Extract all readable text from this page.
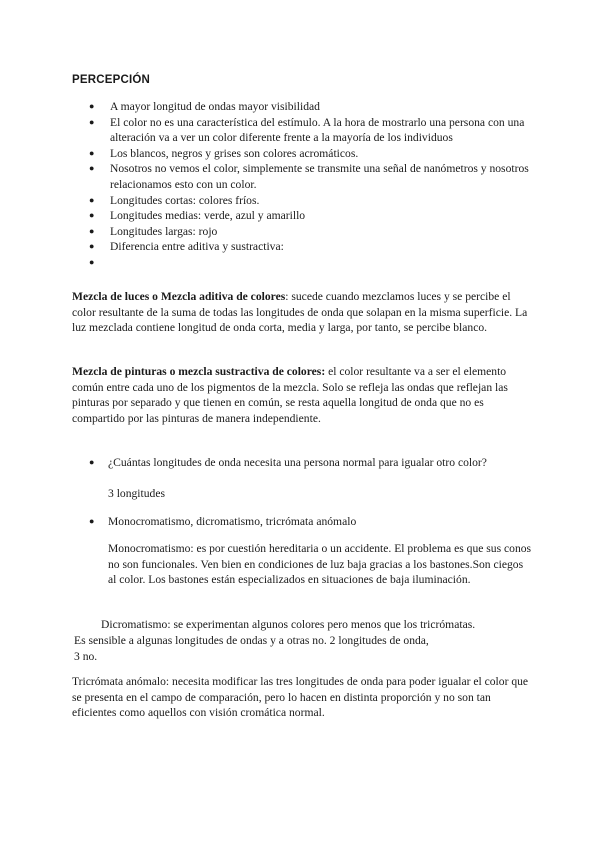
PERCEPCIÓN
● A mayor longitud de ondas mayor visibilidad
● El color no es una característica del estímulo. A la hora de mostrarlo una persona con una alteración va a ver un color diferente frente a la mayoría de los individuos
● Los blancos, negros y grises son colores acromáticos.
● Nosotros no vemos el color, simplemente se transmite una señal de nanómetros y nosotros relacionamos esto con un color.
● Longitudes cortas: colores fríos.
● Longitudes medias: verde, azul y amarillo
● Longitudes largas: rojo
● Diferencia entre aditiva y sustractiva:
●
Mezcla de luces o Mezcla aditiva de colores: sucede cuando mezclamos luces y se percibe el color resultante de la suma de todas las longitudes de onda que solapan en la misma superficie. La luz mezclada contiene longitud de onda corta, media y larga, por tanto, se percibe blanco.
Mezcla de pinturas o mezcla sustractiva de colores: el color resultante va a ser el elemento común entre cada uno de los pigmentos de la mezcla. Solo se refleja las ondas que reflejan las pinturas por separado y que tienen en común, se resta aquella longitud de onda que no es compartido por las pinturas de manera independiente.
●	¿Cuántas longitudes de onda necesita una persona normal para igualar otro color?
3 longitudes
●	Monocromatismo, dicromatismo, tricrómata anómalo
Monocromatismo: es por cuestión hereditaria o un accidente. El problema es que sus conos no son funcionales. Ven bien en condiciones de luz baja gracias a los bastones.Son ciegos al color. Los bastones están especializados en situaciones de baja iluminación.
Dicromatismo: se experimentan algunos colores pero menos que los tricrómatas.
Es sensible a algunas longitudes de ondas y a otras no. 2 longitudes de onda,
3 no.
Tricrómata anómalo: necesita modificar las tres longitudes de onda para poder igualar el color que se presenta en el campo de comparación, pero lo hacen en distinta proporción y no son tan eficientes como aquellos con visión cromática normal.
